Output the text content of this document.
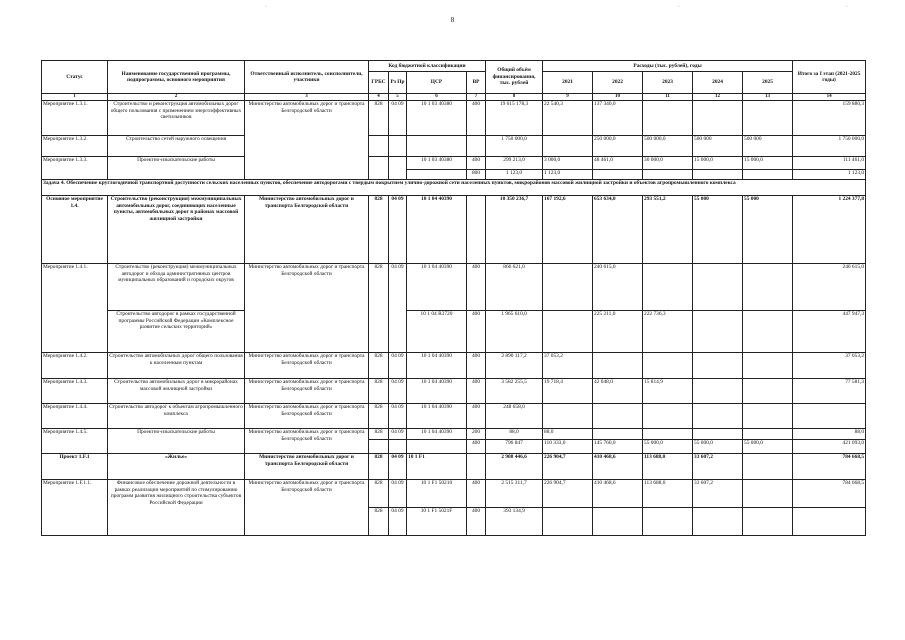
8
·	·	·
Статус	Наименование государственной программы, подпрограммы, основного мероприятия	Ответственный исполнитель, соисполнители, участники	Код бюджетной классификации				Общий объём финансирования, тыс. рублей	Расходы (тыс. рублей), годы					Итого за I этап (2021-2025 годы)
			ГРБС	Рз Пр	ЦСР	ВР		2021	2022	2023	2024	2025	
1	2	3	4	5	6	7	8	9	10	11	12	13	14
Мероприятие 1.3.1.	Строительство и реконструкция автомобильных дорог общего пользования с применением энергоэффективных светильников	Министерство автомобильных дорог и транспорта Белгородской области	828	04 09	10 1 03 40380	400	19 615 178,3	22 540,3	137 340,0				159 880,3
Мероприятие 1.3.2.	Строительство сетей наружного освещения						1 750 000,0		250 000,0	500 000,0	500 000	500 000	1 750 000,0
Мероприятие 1.3.3.	Проектно-изыскательские работы				10 1 03 40380	400	299 213,0	3 000,0	48 461,0	30 000,0	15 000,0	15 000,0	111 461,0
						800	1 123,0	1 123,0					1 123,0
Задача 4. Обеспечение круглогодичной транспортной доступности сельских населенных пунктов, обеспечение автодорогами с твердым покрытием улично-дорожной сети населенных пунктов, микрорайонов массовой жилищной застройки и объектов агропромышленного комплекса													
Основное мероприятие 1.4.	Строительство (реконструкция) межмуниципальных автомобильных дорог, соединяющих населенные пункты, автомобильных дорог в районах массовой жилищной застройки	Министерство автомобильных дорог и транспорта Белгородской области	828	04 09	10 1 04 40390		10 350 236,7	167 192,6	653 634,0	293 551,2	55 000	55 000	1 224 377,8
Мероприятие 1.4.1.	Строительство (реконструкция) межмуниципальных автодорог и обхода административных центров муниципальных образований и городских округов	Министерство автомобильных дорог и транспорта Белгородской области	828	04 09	10 1 04 40390	400	866 621,0		240 615,0				240 615,0
	Строительство автодорог в рамках государственной программы Российской Федерации «Комплексное развитие сельских территорий»				10 1 04 R3720	400	1 965 610,0		225 211,0	222 736,3			447 947,3
Мероприятие 1.4.2.	Строительство автомобильных дорог общего пользования к населенным пунктам	Министерство автомобильных дорог и транспорта Белгородской области	828	04 09	10 1 04 40390	400	2 890 117,2	37 053,2					37 053,2
Мероприятие 1.4.3.	Строительство автомобильных дорог в микрорайонах массовой жилищной застройки	Министерство автомобильных дорог и транспорта Белгородской области	828	04 09	10 1 04 40390	400	3 582 255,5	19 718,4	42 048,0	15 814,9			77 581,3
Мероприятие 1.4.4.	Строительство автодорог к объектам агропромышленного комплекса	Министерство автомобильных дорог и транспорта Белгородской области	828	04 09	10 1 04 40390	400	248 658,0						
Мероприятие 1.4.5.	Проектно-изыскательские работы	Министерство автомобильных дорог и транспорта Белгородской области	828	04 09	10 1 04 40390	200	88,0	88,0					88,0
						400	796 847	110 333,0	145 760,0	55 000,0	55 000,0	55 000,0	421 093,0
Проект 1.F.1	«Жилье»	Министерство автомобильных дорог и транспорта Белгородской области	828	04 09	10 1 F1		2 908 446,6	226 904,7	410 468,6	113 688,0	33 607,2		784 668,5
Мероприятие 1.F.1.1.	Финансовое обеспечение дорожной деятельности в рамках реализации мероприятий по стимулированию программ развития жилищного строительства субъектов Российской Федерации	Министерство автомобильных дорог и транспорта Белгородской области	828	04 09	10 1 F1 50210	400	2 515 311,7	226 904,7	410 468,6	113 688,0	33 607,2		784 668,5
			828	04 09	10 1 F1 5021F	400	393 134,9						
